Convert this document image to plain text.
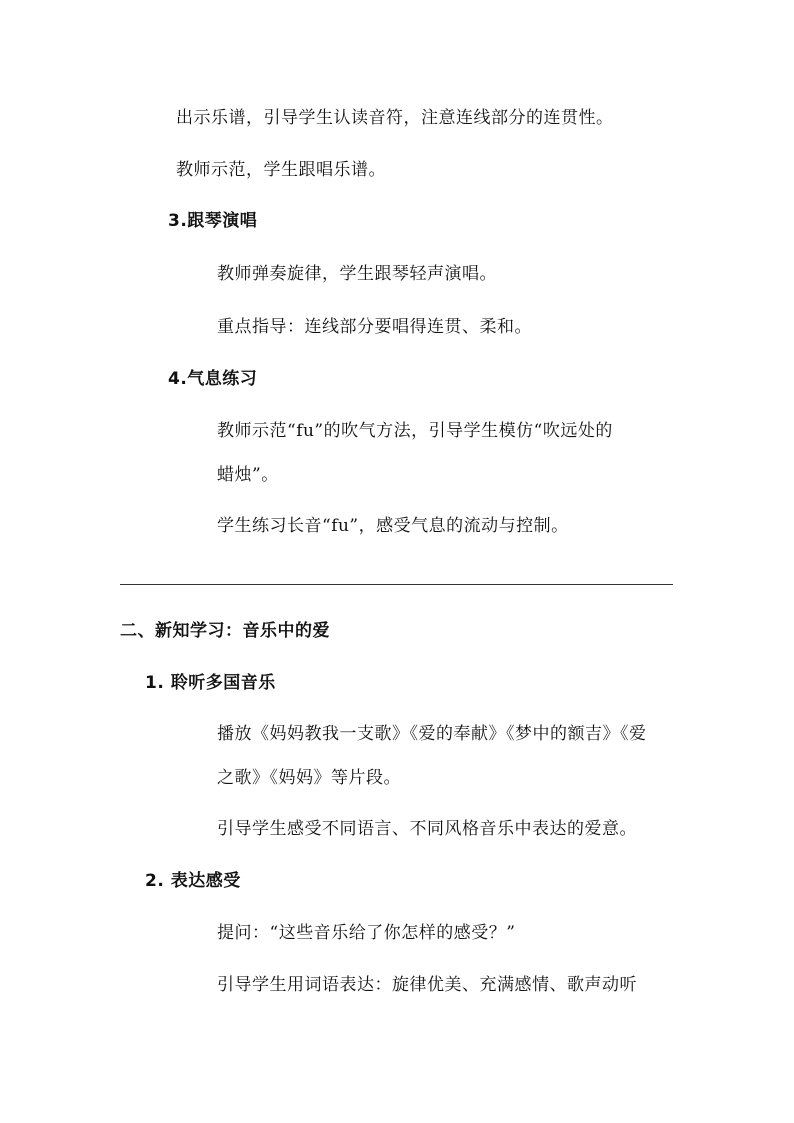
出示乐谱，引导学生认读音符，注意连线部分的连贯性。
教师示范，学生跟唱乐谱。
3.跟琴演唱
教师弹奏旋律，学生跟琴轻声演唱。
重点指导：连线部分要唱得连贯、柔和。
4.气息练习
教师示范“fu”的吹气方法，引导学生模仿“吹远处的
蜡烛”。
学生练习长音“fu”，感受气息的流动与控制。
二、新知学习：音乐中的爱
1. 聆听多国音乐
播放《妈妈教我一支歌》《爱的奉献》《梦中的额吉》《爱
之歌》《妈妈》等片段。
引导学生感受不同语言、不同风格音乐中表达的爱意。
2. 表达感受
提问：“这些音乐给了你怎样的感受？”
引导学生用词语表达：旋律优美、充满感情、歌声动听
